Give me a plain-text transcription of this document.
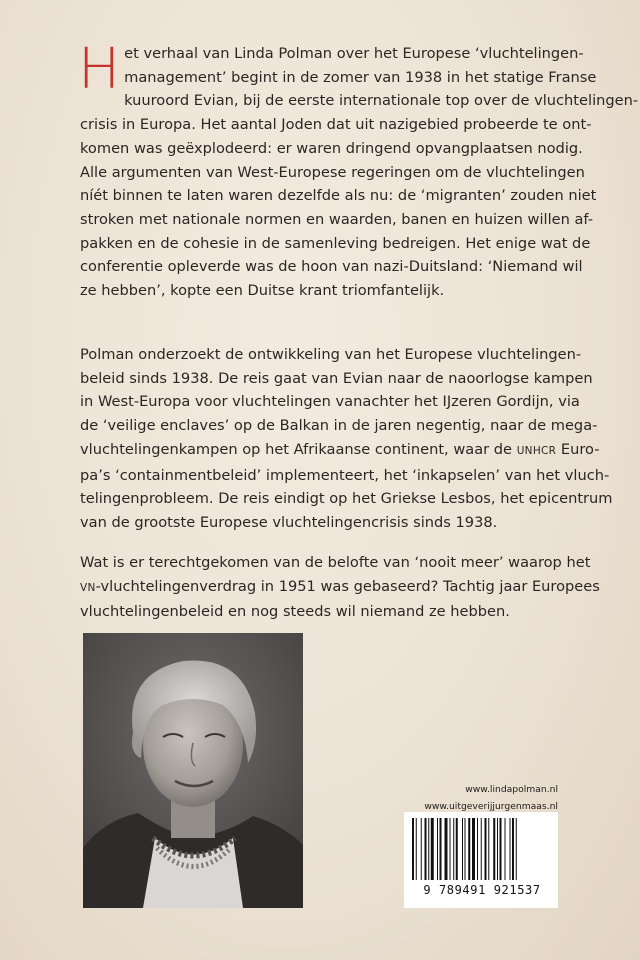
H et verhaal van Linda Polman over het Europese ‘vluchtelingen-
management’ begint in de zomer van 1938 in het statige Franse
kuuroord Evian, bij de eerste internationale top over de vluchtelingen-
crisis in Europa. Het aantal Joden dat uit nazigebied probeerde te ont-
komen was geëxplodeerd: er waren dringend opvangplaatsen nodig.
Alle argumenten van West-Europese regeringen om de vluchtelingen
níét binnen te laten waren dezelfde als nu: de ‘migranten’ zouden niet
stroken met nationale normen en waarden, banen en huizen willen af-
pakken en de cohesie in de samenleving bedreigen. Het enige wat de
conferentie opleverde was de hoon van nazi-Duitsland: ‘Niemand wil
ze hebben’, kopte een Duitse krant triomfantelijk.
Polman onderzoekt de ontwikkeling van het Europese vluchtelingen-
beleid sinds 1938. De reis gaat van Evian naar de naoorlogse kampen
in West-Europa voor vluchtelingen vanachter het IJzeren Gordijn, via
de ‘veilige enclaves’ op de Balkan in de jaren negentig, naar de mega-
vluchtelingenkampen op het Afrikaanse continent, waar de UNHCR Euro-
pa’s ‘containmentbeleid’ implementeert, het ‘inkapselen’ van het vluch-
telingenprobleem. De reis eindigt op het Griekse Lesbos, het epicentrum
van de grootste Europese vluchtelingencrisis sinds 1938.
Wat is er terechtgekomen van de belofte van ‘nooit meer’ waarop het
VN-vluchtelingenverdrag in 1951 was gebaseerd? Tachtig jaar Europees
vluchtelingenbeleid en nog steeds wil niemand ze hebben.
www.lindapolman.nl
www.uitgeverijjurgenmaas.nl
9 789491 921537
